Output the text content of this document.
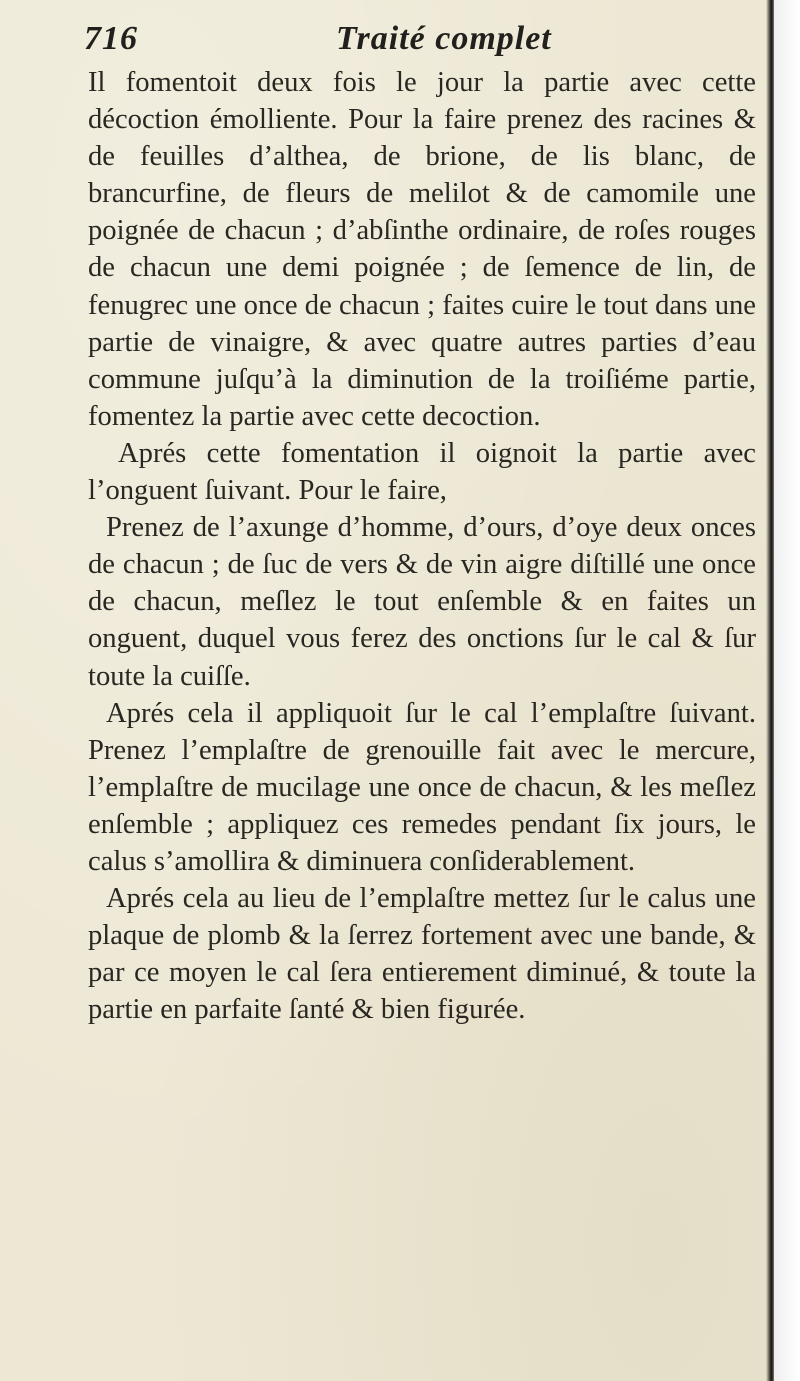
716	Traité complet

Il fomentoit deux fois le jour la partie avec cette décoction émolliente. Pour la faire prenez des racines & de feuilles d’althea, de brione, de lis blanc, de brancurfine, de fleurs de melilot & de camomile une poignée de chacun ; d’abſinthe ordinaire, de roſes rouges de chacun une demi poignée ; de ſemence de lin, de fenugrec une once de chacun ; faites cuire le tout dans une partie de vinaigre, & avec quatre autres parties d’eau commune juſqu’à la diminution de la troiſiéme partie, fomentez la partie avec cette decoction.

Aprés cette fomentation il oignoit la partie avec l’onguent ſuivant. Pour le faire,

Prenez de l’axunge d’homme, d’ours, d’oye deux onces de chacun ; de ſuc de vers & de vin aigre diſtillé une once de chacun, meſlez le tout enſemble & en faites un onguent, duquel vous ferez des onctions ſur le cal & ſur toute la cuiſſe.

Aprés cela il appliquoit ſur le cal l’emplaſtre ſuivant. Prenez l’emplaſtre de grenouille fait avec le mercure, l’emplaſtre de mucilage une once de chacun, & les meſlez enſemble ; appliquez ces remedes pendant ſix jours, le calus s’amollira & diminuera conſiderablement.

Aprés cela au lieu de l’emplaſtre mettez ſur le calus une plaque de plomb & la ſerrez fortement avec une bande, & par ce moyen le cal ſera entierement diminué, & toute la partie en parfaite ſanté & bien figurée.
